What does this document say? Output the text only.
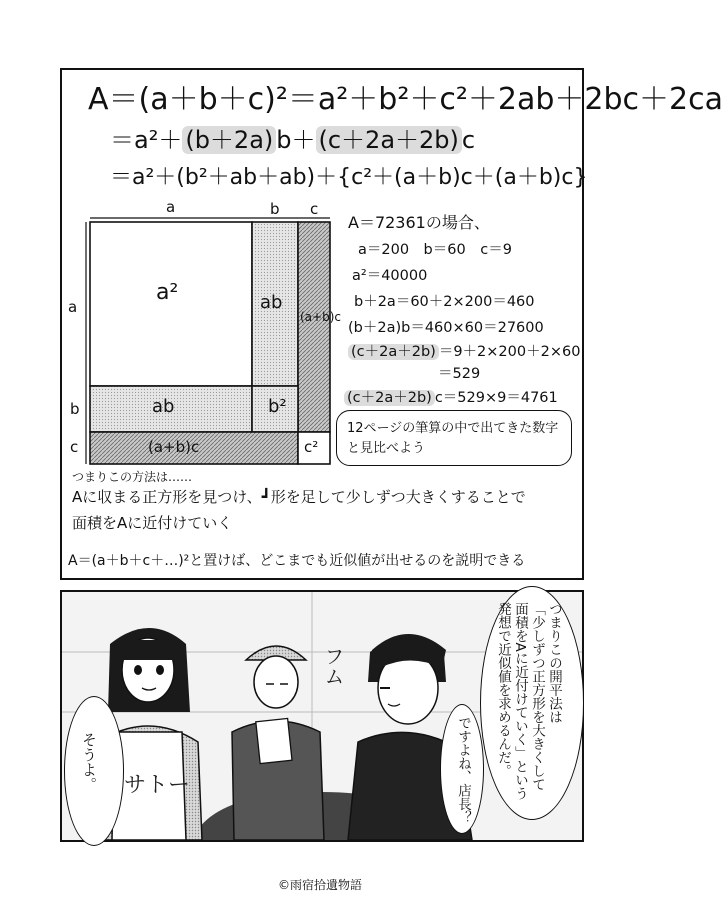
A＝(a＋b＋c)²＝a²＋b²＋c²＋2ab＋2bc＋2ca
＝a²＋ (b＋2a) b＋ (c＋2a＋2b) c
＝a²＋(b²＋ab＋ab)＋{c²＋(a＋b)c＋(a＋b)c}
a	b c
a
b
c
a²	ab
(a+b)c
ab	b²
(a+b)c	c²
A＝72361の場合、
a＝200　b＝60　c＝9
a²＝40000
b＋2a＝60＋2×200＝460
(b＋2a)b＝460×60＝27600
(c＋2a＋2b) ＝9＋2×200＋2×60
＝529
(c＋2a＋2b) c＝529×9＝4761
12ページの筆算の中で出てきた数字と見比べよう
つまりこの方法は……
Aに収まる正方形を見つけ、┛形を足して少しずつ大きくすることで
面積をAに近付けていく
A＝(a＋b＋c＋…)²と置けば、どこまでも近似値が出せるのを説明できる
サトー
フム
そうよ。
つまりこの開平法は
「少しずつ正方形を大きくして
面積をAに近付けていく」という
発想で近似値を求めるんだ。
ですよね、店長？
©雨宿拾遺物語
